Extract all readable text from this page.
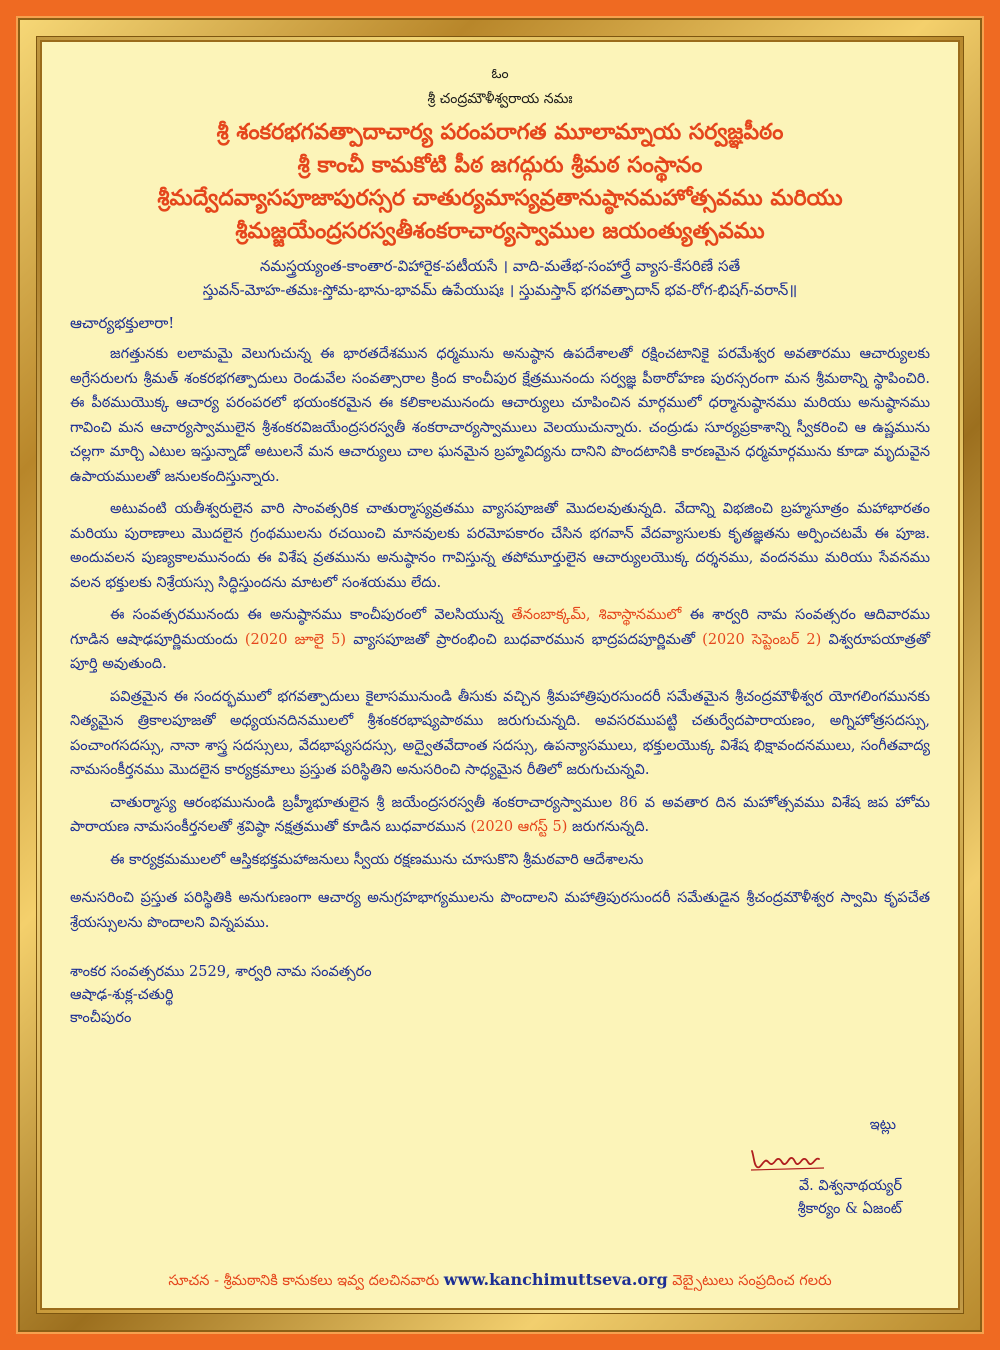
ఓం
శ్రీ చంద్రమౌళీశ్వరాయ నమః
శ్రీ శంకరభగవత్పాదాచార్య పరంపరాగత మూలామ్నాయ సర్వజ్ఞపీఠం
శ్రీ కాంచీ కామకోటి పీఠ జగద్గురు శ్రీమఠ సంస్థానం
శ్రీమద్వేదవ్యాసపూజాపురస్సర చాతుర్యమాస్యవ్రతానుష్ఠానమహోత్సవము మరియు
శ్రీమజ్జయేంద్రసరస్వతీశంకరాచార్యస్వాముల జయంత్యుత్సవము
నమస్త్రయ్యంత-కాంతార-విహారైక-పటీయసే । వాది-మతేభ-సంహార్త్రే వ్యాస-కేసరిణే సతే
స్తువన్-మోహ-తమః-స్తోమ-భాను-భావమ్ ఉపేయుషః । స్తుమస్తాన్ భగవత్పాదాన్ భవ-రోగ-భిషగ్-వరాన్॥
ఆచార్యభక్తులారా!

జగత్తునకు లలామమై వెలుగుచున్న ఈ భారతదేశమున ధర్మమును అనుష్ఠాన ఉపదేశాలతో రక్షించటానికై పరమేశ్వర అవతారము ఆచార్యులకు అగ్రేసరులగు శ్రీమత్ శంకరభగత్పాదులు రెండువేల సంవత్సారాల క్రింద కాంచీపుర క్షేత్రమునందు సర్వజ్ఞ పీఠారోహణ పురస్సరంగా మన శ్రీమఠాన్ని స్థాపించిరి. ఈ పీఠముయొక్క ఆచార్య పరంపరలో భయంకరమైన ఈ కలికాలమునందు ఆచార్యులు చూపించిన మార్గములో ధర్మానుష్ఠానము మరియు అనుష్ఠానము గావించి మన ఆచార్యస్వాములైన శ్రీశంకరవిజయేంద్రసరస్వతీ శంకరాచార్యస్వాములు వెలయుచున్నారు. చంద్రుడు సూర్యప్రకాశాన్ని స్వీకరించి ఆ ఉష్ణమును చల్లగా మార్చి ఎటుల ఇస్తున్నాడో అటులనే మన ఆచార్యులు చాల ఘనమైన బ్రహ్మవిద్యను దానిని పొందటానికి కారణమైన ధర్మమార్గమును కూడా మృదువైన ఉపాయములతో జనులకందిస్తున్నారు.

అటువంటి యతీశ్వరులైన వారి సాంవత్సరిక చాతుర్మాస్యవ్రతము వ్యాసపూజతో మొదలవుతున్నది. వేదాన్ని విభజించి బ్రహ్మసూత్రం మహాభారతం మరియు పురాణాలు మొదలైన గ్రంథములను రచయించి మానవులకు పరమోపకారం చేసిన భగవాన్ వేదవ్యాసులకు కృతజ్ఞతను అర్పించటమే ఈ పూజ. అందువలన పుణ్యకాలమునందు ఈ విశేష వ్రతమును అనుష్ఠానం గావిస్తున్న తపోమూర్తులైన ఆచార్యులయొక్క దర్శనము, వందనము మరియు సేవనము వలన భక్తులకు నిశ్రేయస్సు సిద్ధిస్తుందను మాటలో సంశయము లేదు.

ఈ సంవత్సరమునందు ఈ అనుష్ఠానము కాంచీపురంలో వెలసియున్న తేనంబాక్కమ్, శివాస్థానములో ఈ శార్వరి నామ సంవత్సరం ఆదివారము గూడిన ఆషాఢపూర్ణిమయందు (2020 జూలై 5) వ్యాసపూజతో ప్రారంభించి బుధవారమున భాద్రపదపూర్ణిమతో (2020 సెప్టెంబర్ 2) విశ్వరూపయాత్రతో పూర్తి అవుతుంది.

పవిత్రమైన ఈ సందర్భములో భగవత్పాదులు కైలాసమునుండి తీసుకు వచ్చిన శ్రీమహాత్రిపురసుందరీ సమేతమైన శ్రీచంద్రమౌళీశ్వర యోగలింగమునకు నిత్యమైన త్రికాలపూజతో అధ్యయనదినములలో శ్రీశంకరభాష్యపాఠము జరుగుచున్నది. అవసరముపట్టి చతుర్వేదపారాయణం, అగ్నిహోత్రసదస్సు, పంచాంగసదస్సు, నానా శాస్త్ర సదస్సులు, వేదభాష్యసదస్సు, అద్వైతవేదాంత సదస్సు, ఉపన్యాసములు, భక్తులయొక్క విశేష భిక్షావందనములు, సంగీతవాద్య నామసంకీర్తనము మొదలైన కార్యక్రమాలు ప్రస్తుత పరిస్థితిని అనుసరించి సాధ్యమైన రీతిలో జరుగుచున్నవి.

చాతుర్మాస్య ఆరంభమునుండి బ్రహ్మీభూతులైన శ్రీ జయేంద్రసరస్వతీ శంకరాచార్యస్వాముల 86 వ అవతార దిన మహోత్సవము విశేష జప హోమ పారాయణ నామసంకీర్తనలతో శ్రవిష్ఠా నక్షత్రముతో కూడిన బుధవారమున (2020 ఆగస్ట్ 5) జరుగనున్నది.

ఈ కార్యక్రమములలో ఆస్తికభక్తమహాజనులు స్వీయ రక్షణమును చూసుకొని శ్రీమఠవారి ఆదేశాలను

అనుసరించి ప్రస్తుత పరిస్థితికి అనుగుణంగా ఆచార్య అనుగ్రహభాగ్యములను పొందాలని మహాత్రిపురసుందరీ సమేతుడైన శ్రీచంద్రమౌళీశ్వర స్వామి కృపచేత శ్రేయస్సులను పొందాలని విన్నపము.

శాంకర సంవత్సరము 2529, శార్వరి నామ సంవత్సరం
ఆషాఢ-శుక్ల-చతుర్థి
కాంచీపురం
ఇట్లు
వే. విశ్వనాథయ్యర్
శ్రీకార్యం & ఏజంట్
సూచన - శ్రీమఠానికి కానుకలు ఇవ్వ దలచినవారు www.kanchimuttseva.org వెబ్సైటులు సంప్రదించ గలరు
